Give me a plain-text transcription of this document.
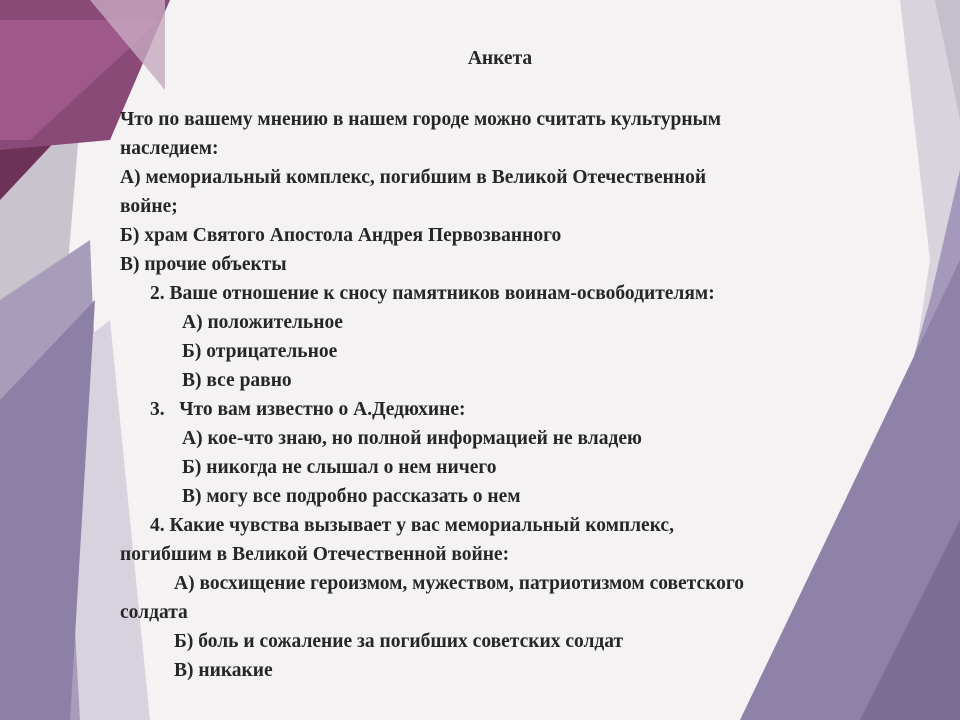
Анкета
Что по вашему мнению в нашем городе можно считать культурным
наследием:
А) мемориальный комплекс, погибшим в Великой Отечественной
войне;
Б) храм Святого Апостола Андрея Первозванного
В) прочие объекты
2. Ваше отношение к сносу памятников воинам-освободителям:
А) положительное
Б) отрицательное
В) все равно
3.   Что вам известно о А.Дедюхине:
А) кое-что знаю, но полной информацией не владею
Б) никогда не слышал о нем ничего
В) могу все подробно рассказать о нем
4. Какие чувства вызывает у вас мемориальный комплекс,
погибшим в Великой Отечественной войне:
А) восхищение героизмом, мужеством, патриотизмом советского
солдата
Б) боль и сожаление за погибших советских солдат
В) никакие
